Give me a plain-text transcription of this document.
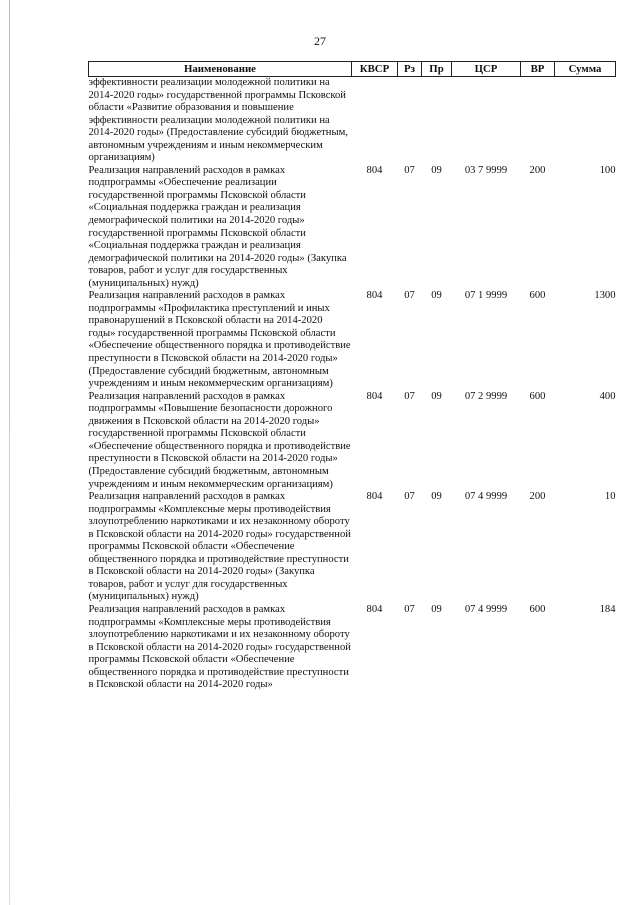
27
Наименование	КВСР	Рз	Пр	ЦСР	ВР	Сумма
эффективности реализации молодежной политики на 2014-2020 годы» государственной программы Псковской области «Развитие образования и повышение эффективности реализации молодежной политики на 2014-2020 годы» (Предоставление субсидий бюджетным, автономным учреждениям и иным некоммерческим организациям)						
Реализация направлений расходов в рамках подпрограммы «Обеспечение реализации государственной программы Псковской области «Социальная поддержка граждан и реализация демографической политики на 2014-2020 годы» государственной программы Псковской области «Социальная поддержка граждан и реализация демографической политики на 2014-2020 годы» (Закупка товаров, работ и услуг для государственных (муниципальных) нужд)	804	07	09	03 7 9999	200	100
Реализация направлений расходов в рамках подпрограммы «Профилактика преступлений и иных правонарушений в Псковской области на 2014-2020 годы» государственной программы Псковской области «Обеспечение общественного порядка и противодействие преступности в Псковской области на 2014-2020 годы» (Предоставление субсидий бюджетным, автономным учреждениям и иным некоммерческим организациям)	804	07	09	07 1 9999	600	1300
Реализация направлений расходов в рамках подпрограммы «Повышение безопасности дорожного движения в Псковской области на 2014-2020 годы» государственной программы Псковской области «Обеспечение общественного порядка и противодействие преступности в Псковской области на 2014-2020 годы» (Предоставление субсидий бюджетным, автономным учреждениям и иным некоммерческим организациям)	804	07	09	07 2 9999	600	400
Реализация направлений расходов в рамках подпрограммы «Комплексные меры противодействия злоупотреблению наркотиками и их незаконному обороту в Псковской области на 2014-2020 годы» государственной программы Псковской области «Обеспечение общественного порядка и противодействие преступности в Псковской области на 2014-2020 годы» (Закупка товаров, работ и услуг для государственных (муниципальных) нужд)	804	07	09	07 4 9999	200	10
Реализация направлений расходов в рамках подпрограммы «Комплексные меры противодействия злоупотреблению наркотиками и их незаконному обороту в Псковской области на 2014-2020 годы» государственной программы Псковской области «Обеспечение общественного порядка и противодействие преступности в Псковской области на 2014-2020 годы»	804	07	09	07 4 9999	600	184
